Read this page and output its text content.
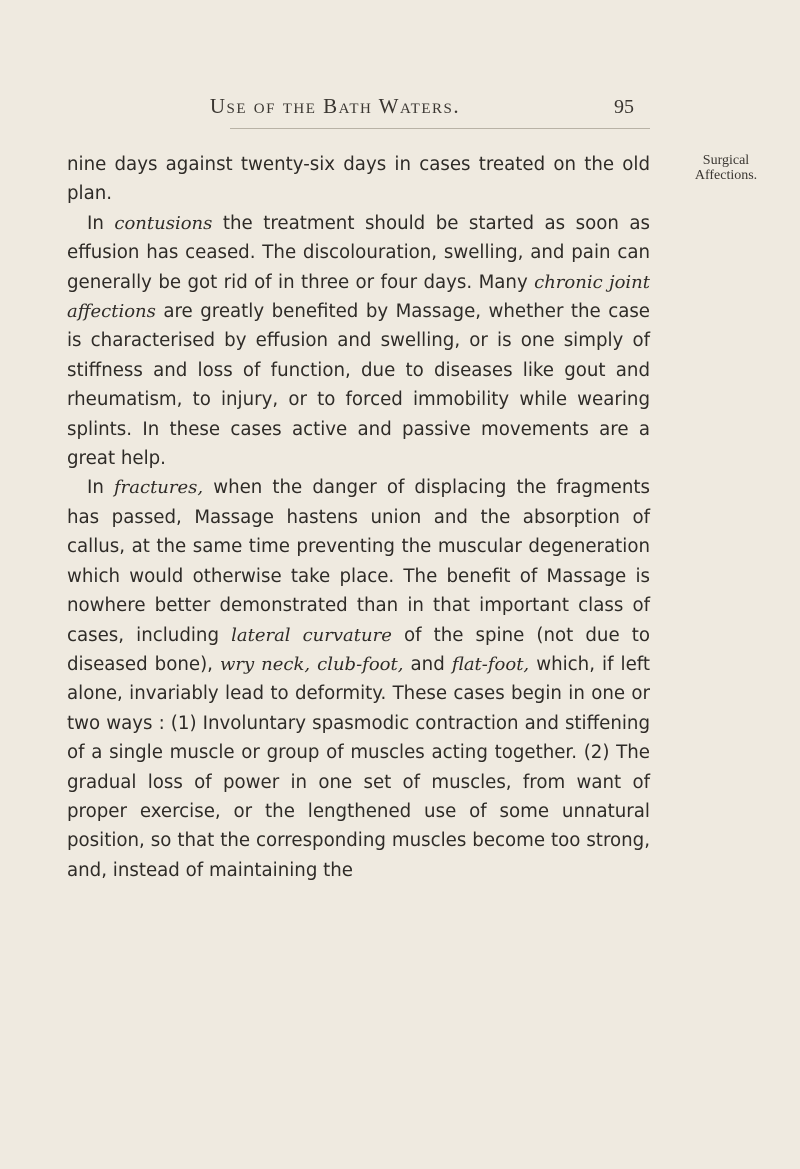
Use of the Bath Waters.	95
Surgical
Affections.

nine days against twenty-six days in cases treated on the old plan.

In contusions the treatment should be started as soon as effusion has ceased. The discolouration, swelling, and pain can generally be got rid of in three or four days. Many chronic joint affections are greatly benefited by Massage, whether the case is characterised by effusion and swelling, or is one simply of stiffness and loss of function, due to diseases like gout and rheumatism, to injury, or to forced immobility while wearing splints. In these cases active and passive movements are a great help.

In fractures, when the danger of displacing the fragments has passed, Massage hastens union and the absorption of callus, at the same time preventing the muscular degeneration which would otherwise take place. The benefit of Massage is nowhere better demonstrated than in that important class of cases, including lateral curvature of the spine (not due to diseased bone), wry neck, club-foot, and flat-foot, which, if left alone, invariably lead to deformity. These cases begin in one or two ways : (1) Involuntary spasmodic contraction and stiffening of a single muscle or group of muscles acting together. (2) The gradual loss of power in one set of muscles, from want of proper exercise, or the lengthened use of some unnatural position, so that the corresponding muscles become too strong, and, instead of maintaining the
